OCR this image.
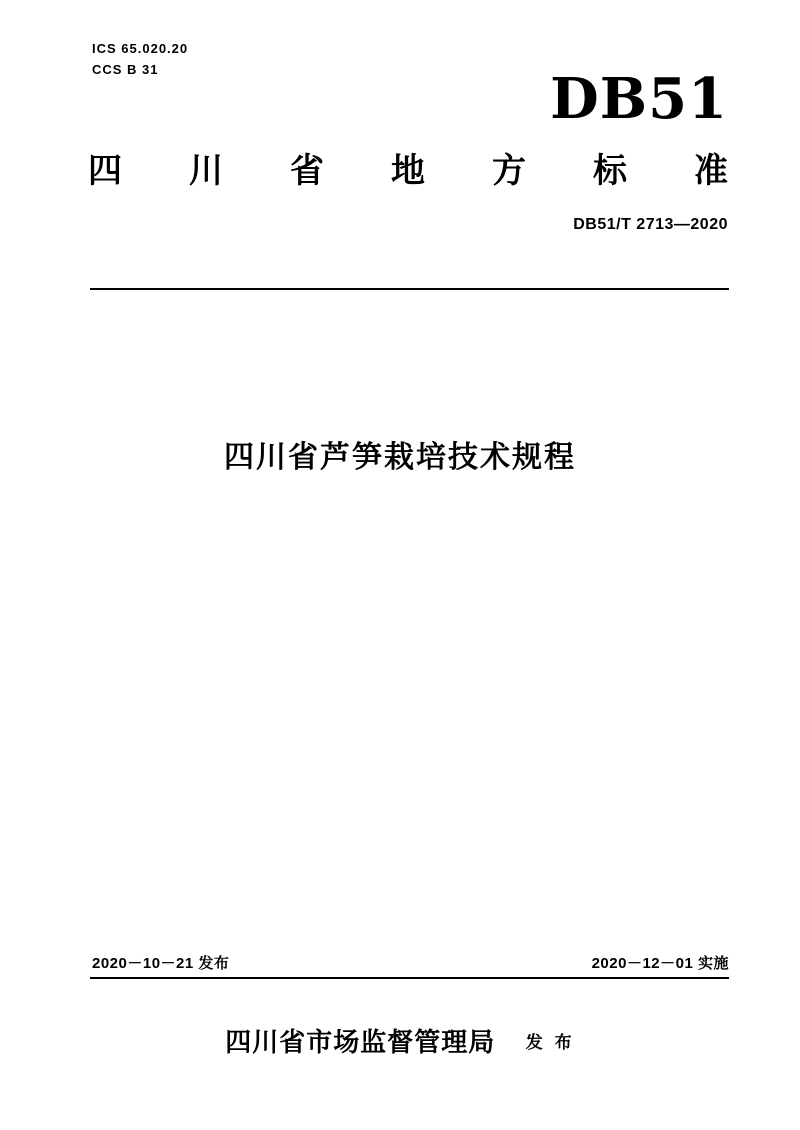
ICS 65.020.20
CCS B 31	DB51
四 川 省 地 方 标 准
DB51/T 2713—2020
四川省芦笋栽培技术规程
2020－10－21 发布	2020－12－01 实施
四川省市场监督管理局 发 布
